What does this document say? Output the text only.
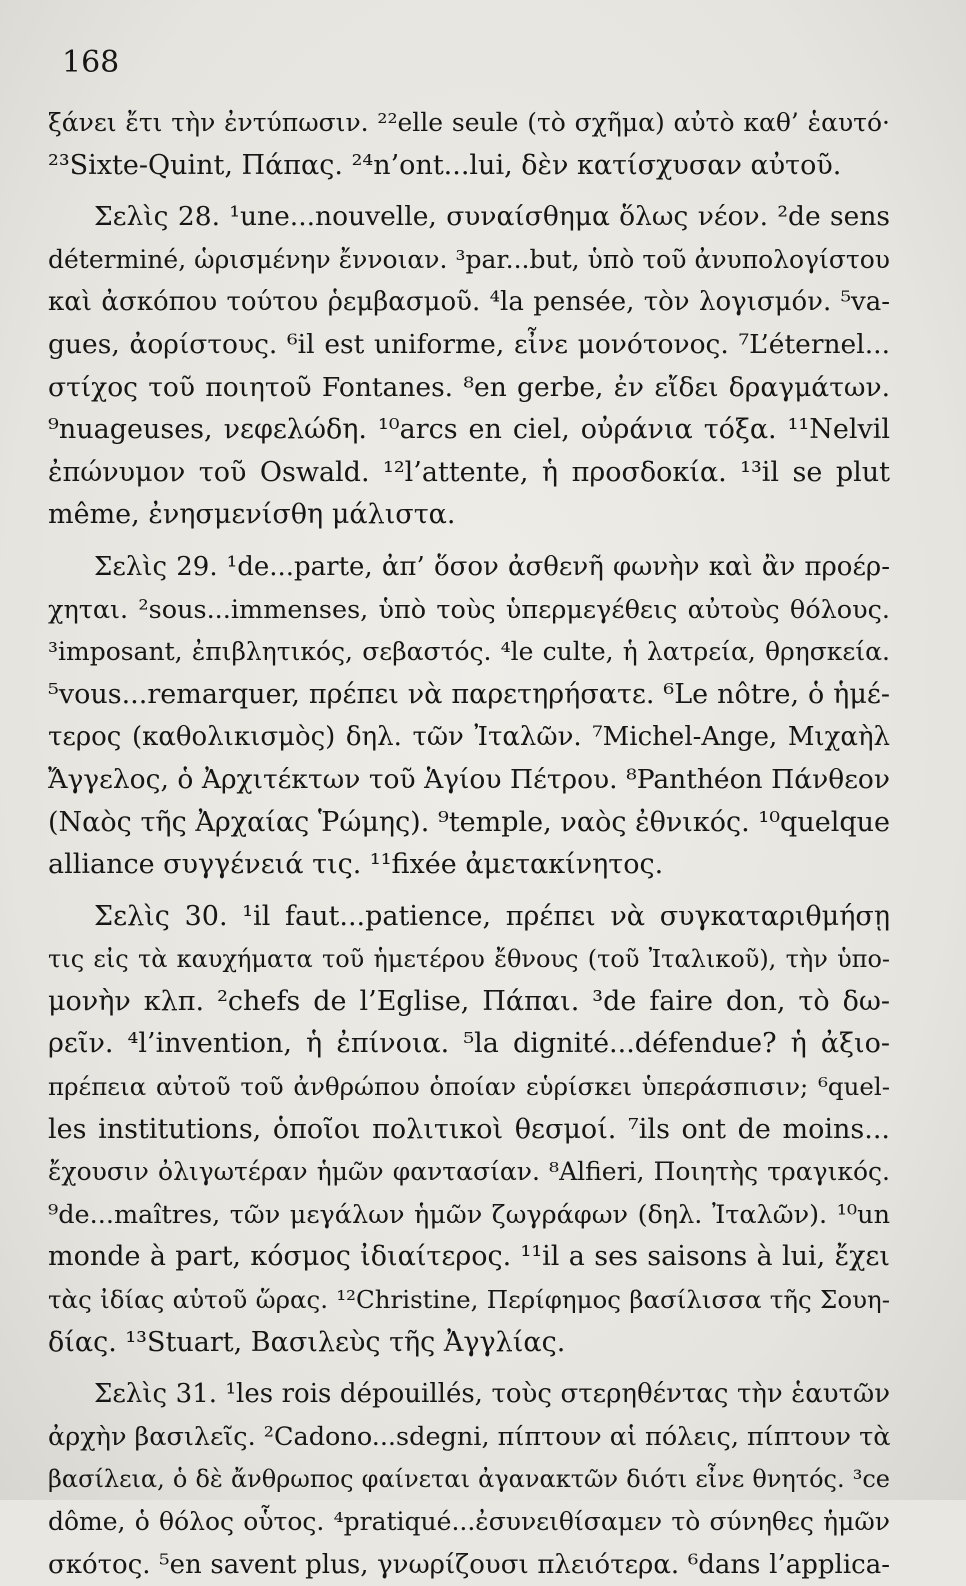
168
ξάνει ἔτι τὴν ἐντύπωσιν. ²²elle seule (τὸ σχῆμα) αὐτὸ καθ’ ἑαυτό·
²³Sixte-Quint, Πάπας. ²⁴n’ont...lui, δὲν κατίσχυσαν αὐτοῦ.
Σελὶς 28. ¹une...nouvelle, συναίσθημα ὅλως νέον. ²de sens
déterminé, ὡρισμένην ἔννοιαν. ³par...but, ὑπὸ τοῦ ἀνυπολογίστου
καὶ ἀσκόπου τούτου ῥεμβασμοῦ. ⁴la pensée, τὸν λογισμόν. ⁵va-
gues, ἀορίστους. ⁶il est uniforme, εἶνε μονότονος. ⁷L’éternel...
στίχος τοῦ ποιητοῦ Fontanes. ⁸en gerbe, ἐν εἴδει δραγμάτων.
⁹nuageuses, νεφελώδη. ¹⁰arcs en ciel, οὐράνια τόξα. ¹¹Nelvil
ἐπώνυμον τοῦ Oswald. ¹²l’attente, ἡ προσδοκία. ¹³il se plut
même, ἐνησμενίσθη μάλιστα.
Σελὶς 29. ¹de...parte, ἀπ’ ὅσον ἀσθενῆ φωνὴν καὶ ἂν προέρ-
χηται. ²sous...immenses, ὑπὸ τοὺς ὑπερμεγέθεις αὐτοὺς θόλους.
³imposant, ἐπιβλητικός, σεβαστός. ⁴le culte, ἡ λατρεία, θρησκεία.
⁵vous...remarquer, πρέπει νὰ παρετηρήσατε. ⁶Le nôtre, ὁ ἡμέ-
τερος (καθολικισμὸς) δηλ. τῶν Ἰταλῶν. ⁷Michel-Ange, Μιχαὴλ
Ἄγγελος, ὁ Ἀρχιτέκτων τοῦ Ἁγίου Πέτρου. ⁸Panthéon Πάνθεον
(Ναὸς τῆς Ἀρχαίας Ῥώμης). ⁹temple, ναὸς ἐθνικός. ¹⁰quelque
alliance συγγένειά τις. ¹¹fixée ἀμετακίνητος.
Σελὶς 30. ¹il faut...patience, πρέπει νὰ συγκαταριθμήσῃ
τις εἰς τὰ καυχήματα τοῦ ἡμετέρου ἔθνους (τοῦ Ἰταλικοῦ), τὴν ὑπο-
μονὴν κλπ. ²chefs de l’Eglise, Πάπαι. ³de faire don, τὸ δω-
ρεῖν. ⁴l’invention, ἡ ἐπίνοια. ⁵la dignité...défendue? ἡ ἀξιο-
πρέπεια αὐτοῦ τοῦ ἀνθρώπου ὁποίαν εὑρίσκει ὑπεράσπισιν; ⁶quel-
les institutions, ὁποῖοι πολιτικοὶ θεσμοί. ⁷ils ont de moins...
ἔχουσιν ὀλιγωτέραν ἡμῶν φαντασίαν. ⁸Alfieri, Ποιητὴς τραγικός.
⁹de...maîtres, τῶν μεγάλων ἡμῶν ζωγράφων (δηλ. Ἰταλῶν). ¹⁰un
monde à part, κόσμος ἰδιαίτερος. ¹¹il a ses saisons à lui, ἔχει
τὰς ἰδίας αὑτοῦ ὥρας. ¹²Christine, Περίφημος βασίλισσα τῆς Σουη-
δίας. ¹³Stuart, Βασιλεὺς τῆς Ἀγγλίας.
Σελὶς 31. ¹les rois dépouillés, τοὺς στερηθέντας τὴν ἑαυτῶν
ἀρχὴν βασιλεῖς. ²Cadono...sdegni, πίπτουν αἱ πόλεις, πίπτουν τὰ
βασίλεια, ὁ δὲ ἄνθρωπος φαίνεται ἀγανακτῶν διότι εἶνε θνητός. ³ce
dôme, ὁ θόλος οὗτος. ⁴pratiqué...ἐσυνειθίσαμεν τὸ σύνηθες ἡμῶν
σκότος. ⁵en savent plus, γνωρίζουσι πλειότερα. ⁶dans l’applica-
